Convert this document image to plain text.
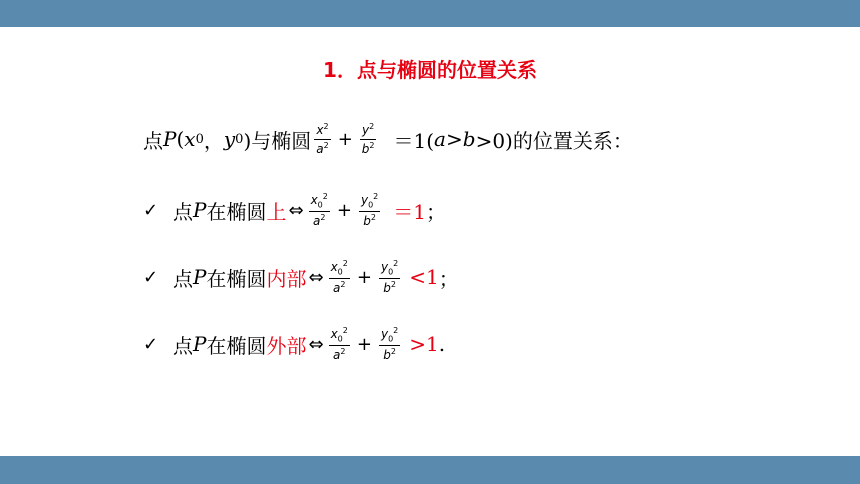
1．点与椭圆的位置关系
点 P ( x 0 ， y 0 )与椭圆 $\frac{x^2}{a^2} + \frac{y^2}{b^2} =1$( a > b >0)的位置关系：
✓ 点 P 在椭圆 上 ⇔ $\frac{x_0^2}{a^2} + \frac{y_0^2}{b^2} =1$ ；
✓ 点 P 在椭圆 内部 ⇔ $\frac{x_0^2}{a^2} + \frac{y_0^2}{b^2} <1$ ；
✓ 点 P 在椭圆 外部 ⇔ $\frac{x_0^2}{a^2} + \frac{y_0^2}{b^2} >1$ .
